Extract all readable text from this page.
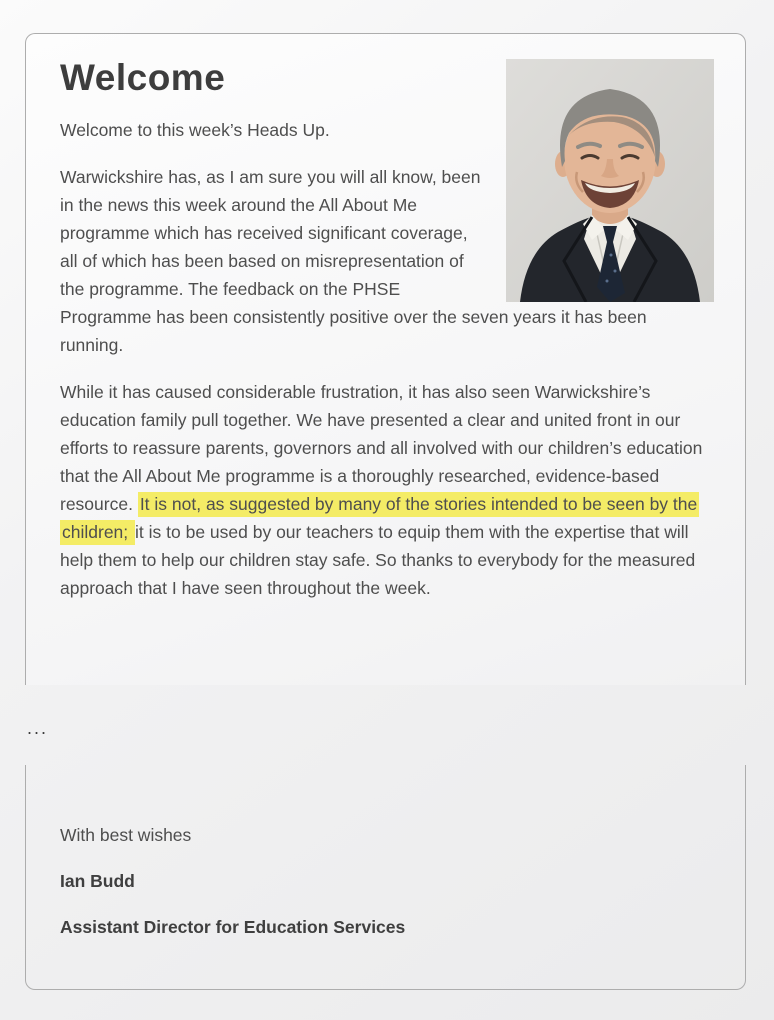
Welcome

Welcome to this week’s Heads Up.

Warwickshire has, as I am sure you will all know, been in the news this week around the All About Me programme which has received significant coverage, all of which has been based on misrepresentation of the programme. The feedback on the PHSE Programme has been consistently positive over the seven years it has been running.

While it has caused considerable frustration, it has also seen Warwickshire’s education family pull together. We have presented a clear and united front in our efforts to reassure parents, governors and all involved with our children’s education that the All About Me programme is a thoroughly researched, evidence-based resource. It is not, as suggested by many of the stories intended to be seen by the children; it is to be used by our teachers to equip them with the expertise that will help them to help our children stay safe. So thanks to everybody for the measured approach that I have seen throughout the week.

...

With best wishes

Ian Budd

Assistant Director for Education Services
